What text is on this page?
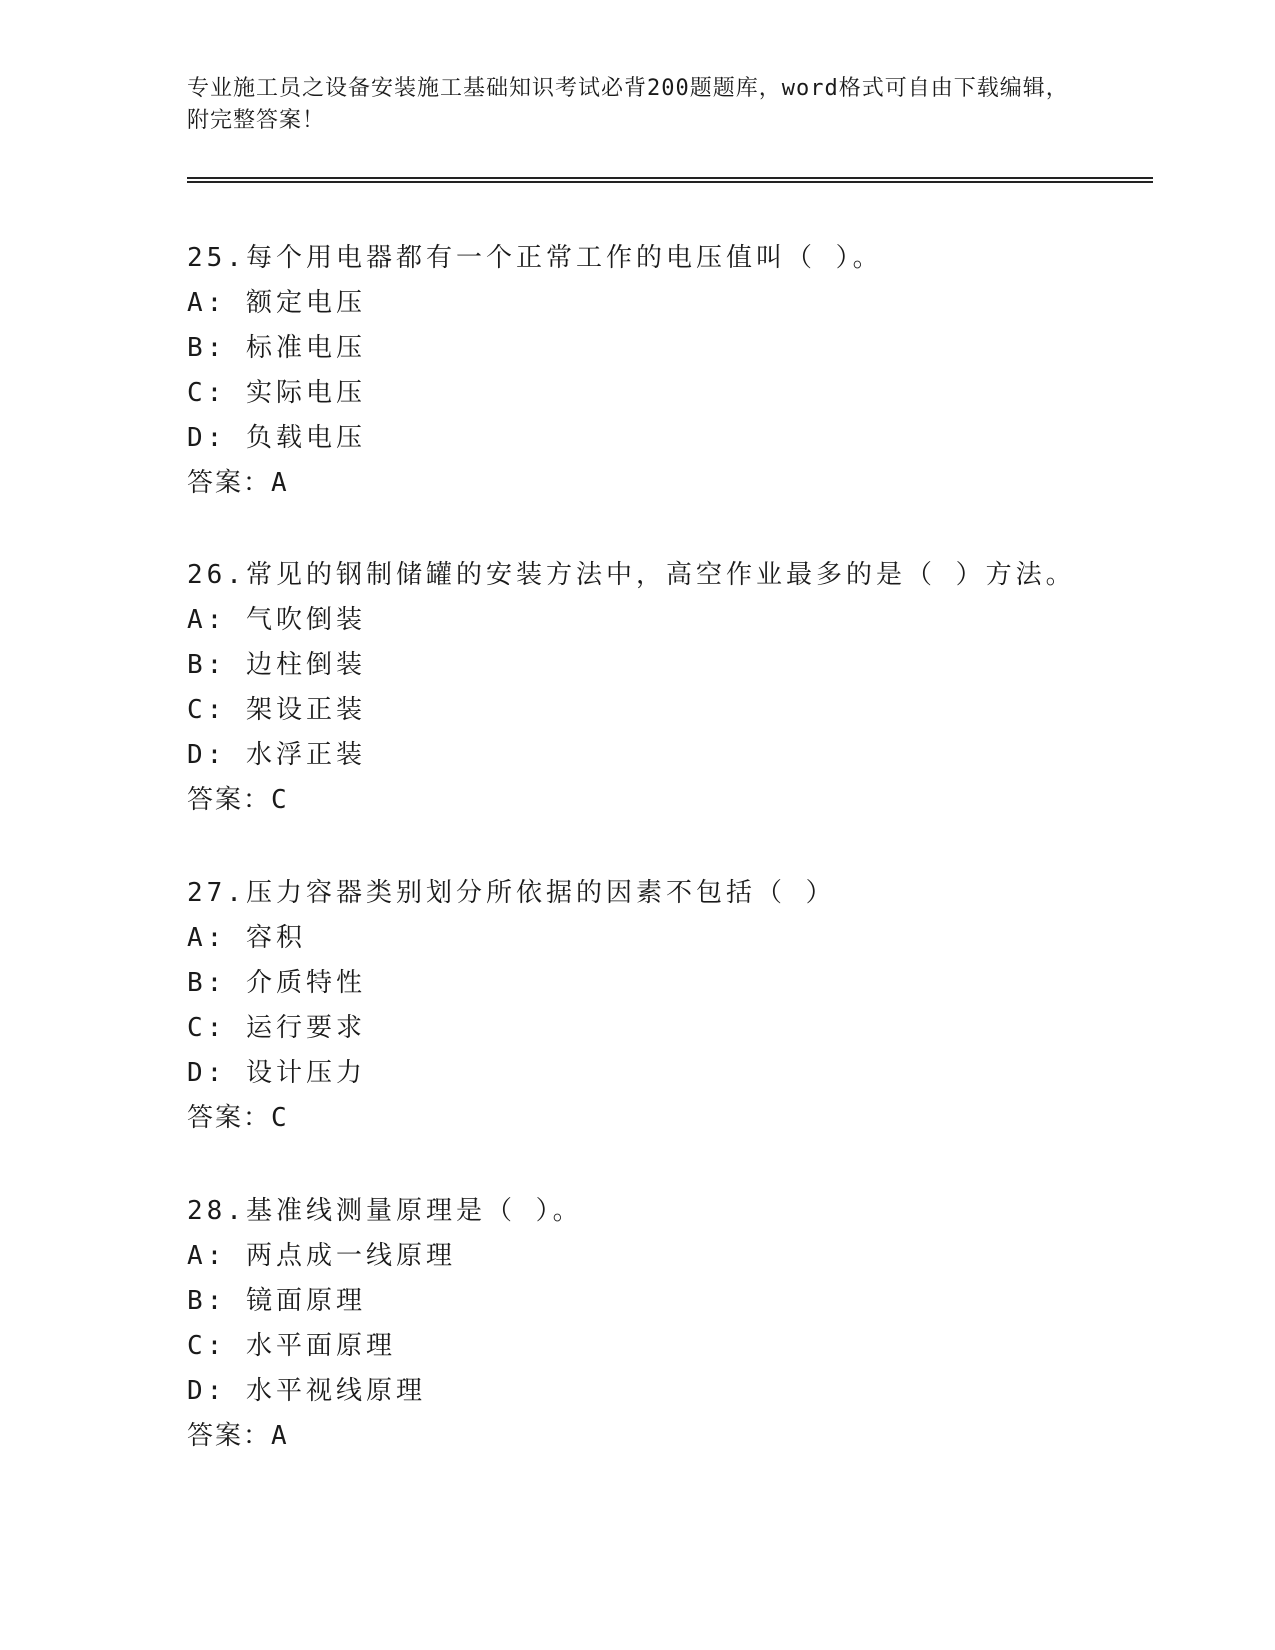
专业施工员之设备安装施工基础知识考试必背200题题库，word格式可自由下载编辑，附完整答案！
25.每个用电器都有一个正常工作的电压值叫（ ）。
A: 额定电压
B: 标准电压
C: 实际电压
D: 负载电压
答案：A
26.常见的钢制储罐的安装方法中，高空作业最多的是（ ）方法。
A: 气吹倒装
B: 边柱倒装
C: 架设正装
D: 水浮正装
答案：C
27.压力容器类别划分所依据的因素不包括（ ）
A: 容积
B: 介质特性
C: 运行要求
D: 设计压力
答案：C
28.基准线测量原理是（ ）。
A: 两点成一线原理
B: 镜面原理
C: 水平面原理
D: 水平视线原理
答案：A
